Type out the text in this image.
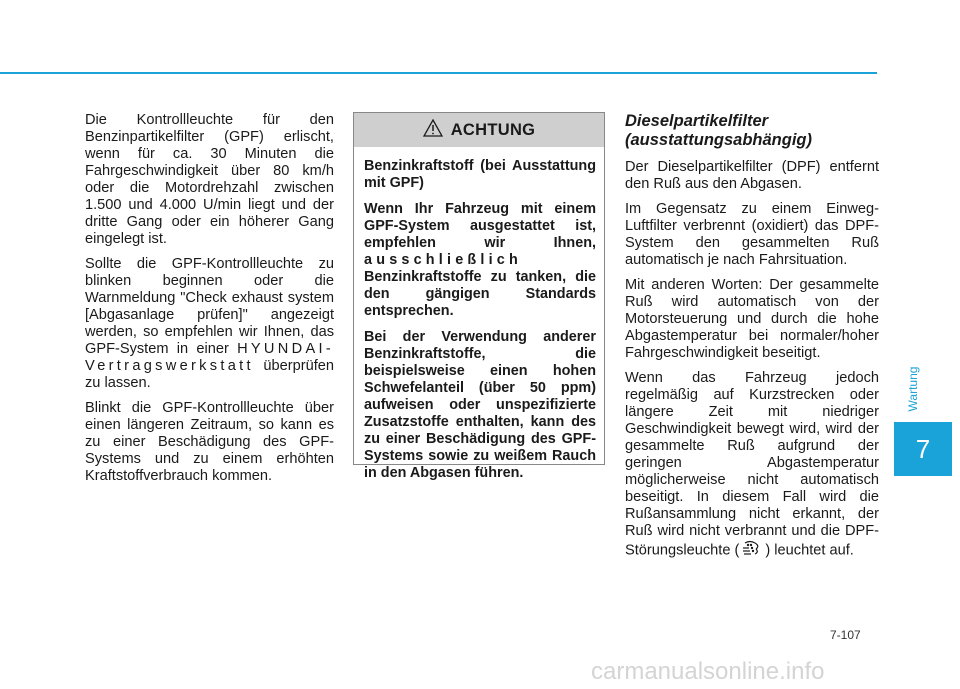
Die Kontrollleuchte für den Benzinpartikelfilter (GPF) erlischt, wenn für ca. 30 Minuten die Fahrgeschwindigkeit über 80 km/h oder die Motordrehzahl zwischen 1.500 und 4.000 U/min liegt und der dritte Gang oder ein höherer Gang eingelegt ist.

Sollte die GPF-Kontrollleuchte zu blinken beginnen oder die Warnmeldung "Check exhaust system [Abgasanlage prüfen]" angezeigt werden, so empfehlen wir Ihnen, das GPF-System in einer HYUNDAI-Vertragswerkstatt überprüfen zu lassen.

Blinkt die GPF-Kontrollleuchte über einen längeren Zeitraum, so kann es zu einer Beschädigung des GPF-Systems und zu einem erhöhten Kraftstoffverbrauch kommen.

ACHTUNG

Benzinkraftstoff (bei Ausstattung mit GPF)

Wenn Ihr Fahrzeug mit einem GPF-System ausgestattet ist, empfehlen wir Ihnen, ausschließlich Benzinkraftstoffe zu tanken, die den gängigen Standards entsprechen.

Bei der Verwendung anderer Benzinkraftstoffe, die beispielsweise einen hohen Schwefelanteil (über 50 ppm) aufweisen oder unspezifizierte Zusatzstoffe enthalten, kann des zu einer Beschädigung des GPF-Systems sowie zu weißem Rauch in den Abgasen führen.

Dieselpartikelfilter
(ausstattungsabhängig)

Der Dieselpartikelfilter (DPF) entfernt den Ruß aus den Abgasen.

Im Gegensatz zu einem Einweg-Luftfilter verbrennt (oxidiert) das DPF-System den gesammelten Ruß automatisch je nach Fahrsituation.

Mit anderen Worten: Der gesammelte Ruß wird automatisch von der Motorsteuerung und durch die hohe Abgastemperatur bei normaler/hoher Fahrgeschwindigkeit beseitigt.

Wenn das Fahrzeug jedoch regelmäßig auf Kurzstrecken oder längere Zeit mit niedriger Geschwindigkeit bewegt wird, wird der gesammelte Ruß aufgrund der geringen Abgastemperatur möglicherweise nicht automatisch beseitigt. In diesem Fall wird die Rußansammlung nicht erkannt, der Ruß wird nicht verbrannt und die DPF-Störungsleuchte ( ) leuchtet auf.

Wartung
7
7-107
carmanualsonline.info
